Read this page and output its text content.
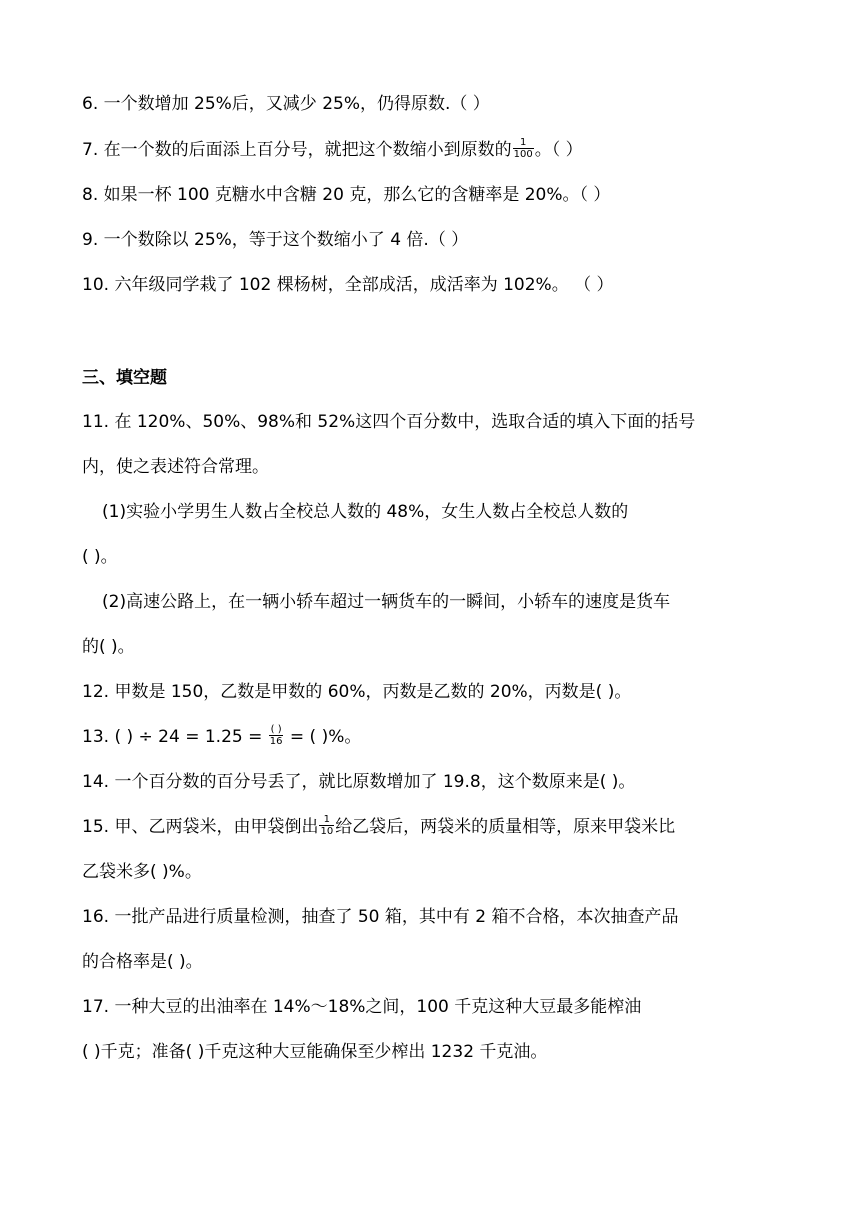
6. 一个数增加 25%后，又减少 25%，仍得原数.（ ）
7. 在一个数的后面添上百分号，就把这个数缩小到原数的 $\frac{1}{100}$ 。（ ）
8. 如果一杯 100 克糖水中含糖 20 克，那么它的含糖率是 20%。（ ）
9. 一个数除以 25%，等于这个数缩小了 4 倍.（ ）
10. 六年级同学栽了 102 棵杨树，全部成活，成活率为 102%。 （ ）
三、填空题
11. 在 120%、50%、98%和 52%这四个百分数中，选取合适的填入下面的括号
内，使之表述符合常理。
(1)实验小学男生人数占全校总人数的 48%，女生人数占全校总人数的
( )。
(2)高速公路上，在一辆小轿车超过一辆货车的一瞬间，小轿车的速度是货车
的( )。
12. 甲数是 150，乙数是甲数的 60%，丙数是乙数的 20%，丙数是( )。
13. ( ) ÷ $24 = 1.25 = \frac{( )}{16}$ = ( )%。
14. 一个百分数的百分号丢了，就比原数增加了 19.8，这个数原来是( )。
15. 甲、乙两袋米，由甲袋倒出 $\frac{1}{10}$ 给乙袋后，两袋米的质量相等，原来甲袋米比
乙袋米多( )%。
16. 一批产品进行质量检测，抽查了 50 箱，其中有 2 箱不合格，本次抽查产品
的合格率是( )。
17. 一种大豆的出油率在 14%～18%之间，100 千克这种大豆最多能榨油
( )千克；准备( )千克这种大豆能确保至少榨出 1232 千克油。
